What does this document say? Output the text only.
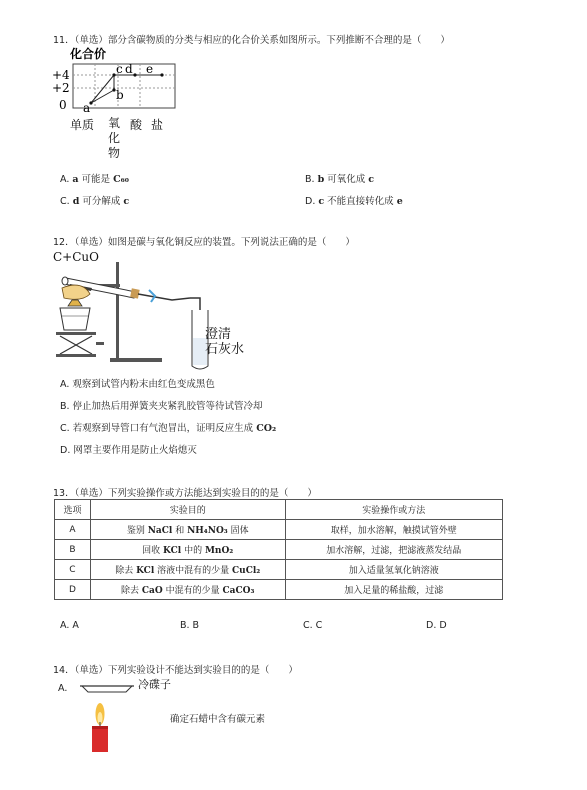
11．（单选）部分含碳物质的分类与相应的化合价关系如图所示。下列推断不合理的是（　　）
化合价
+4
+2
0 a
b
c d e
单质 氧化物
酸 盐
A. a 可能是 C₆₀	B. b 可氧化成 c
C. d 可分解成 c	D. c 不能直接转化成 e
12．（单选）如图是碳与氧化铜反应的装置。下列说法正确的是（　　）
C+CuO
澄清
石灰水
A. 观察到试管内粉末由红色变成黑色
B. 停止加热后用弹簧夹夹紧乳胶管等待试管冷却
C. 若观察到导管口有气泡冒出，证明反应生成 CO₂
D. 网罩主要作用是防止火焰熄灭
13．（单选）下列实验操作或方法能达到实验目的的是（　　）
选项	实验目的	实验操作或方法
A	鉴别 NaCl 和 NH₄NO₃ 固体	取样，加水溶解，触摸试管外壁
B	回收 KCl 中的 MnO₂	加水溶解，过滤，把滤液蒸发结晶
C	除去 KCl 溶液中混有的少量 CuCl₂	加入适量氢氧化钠溶液
D	除去 CaO 中混有的少量 CaCO₃	加入足量的稀盐酸，过滤
A. A	B. B	C. C	D. D
14．（单选）下列实验设计不能达到实验目的的是（　　）
A.	冷碟子
确定石蜡中含有碳元素
